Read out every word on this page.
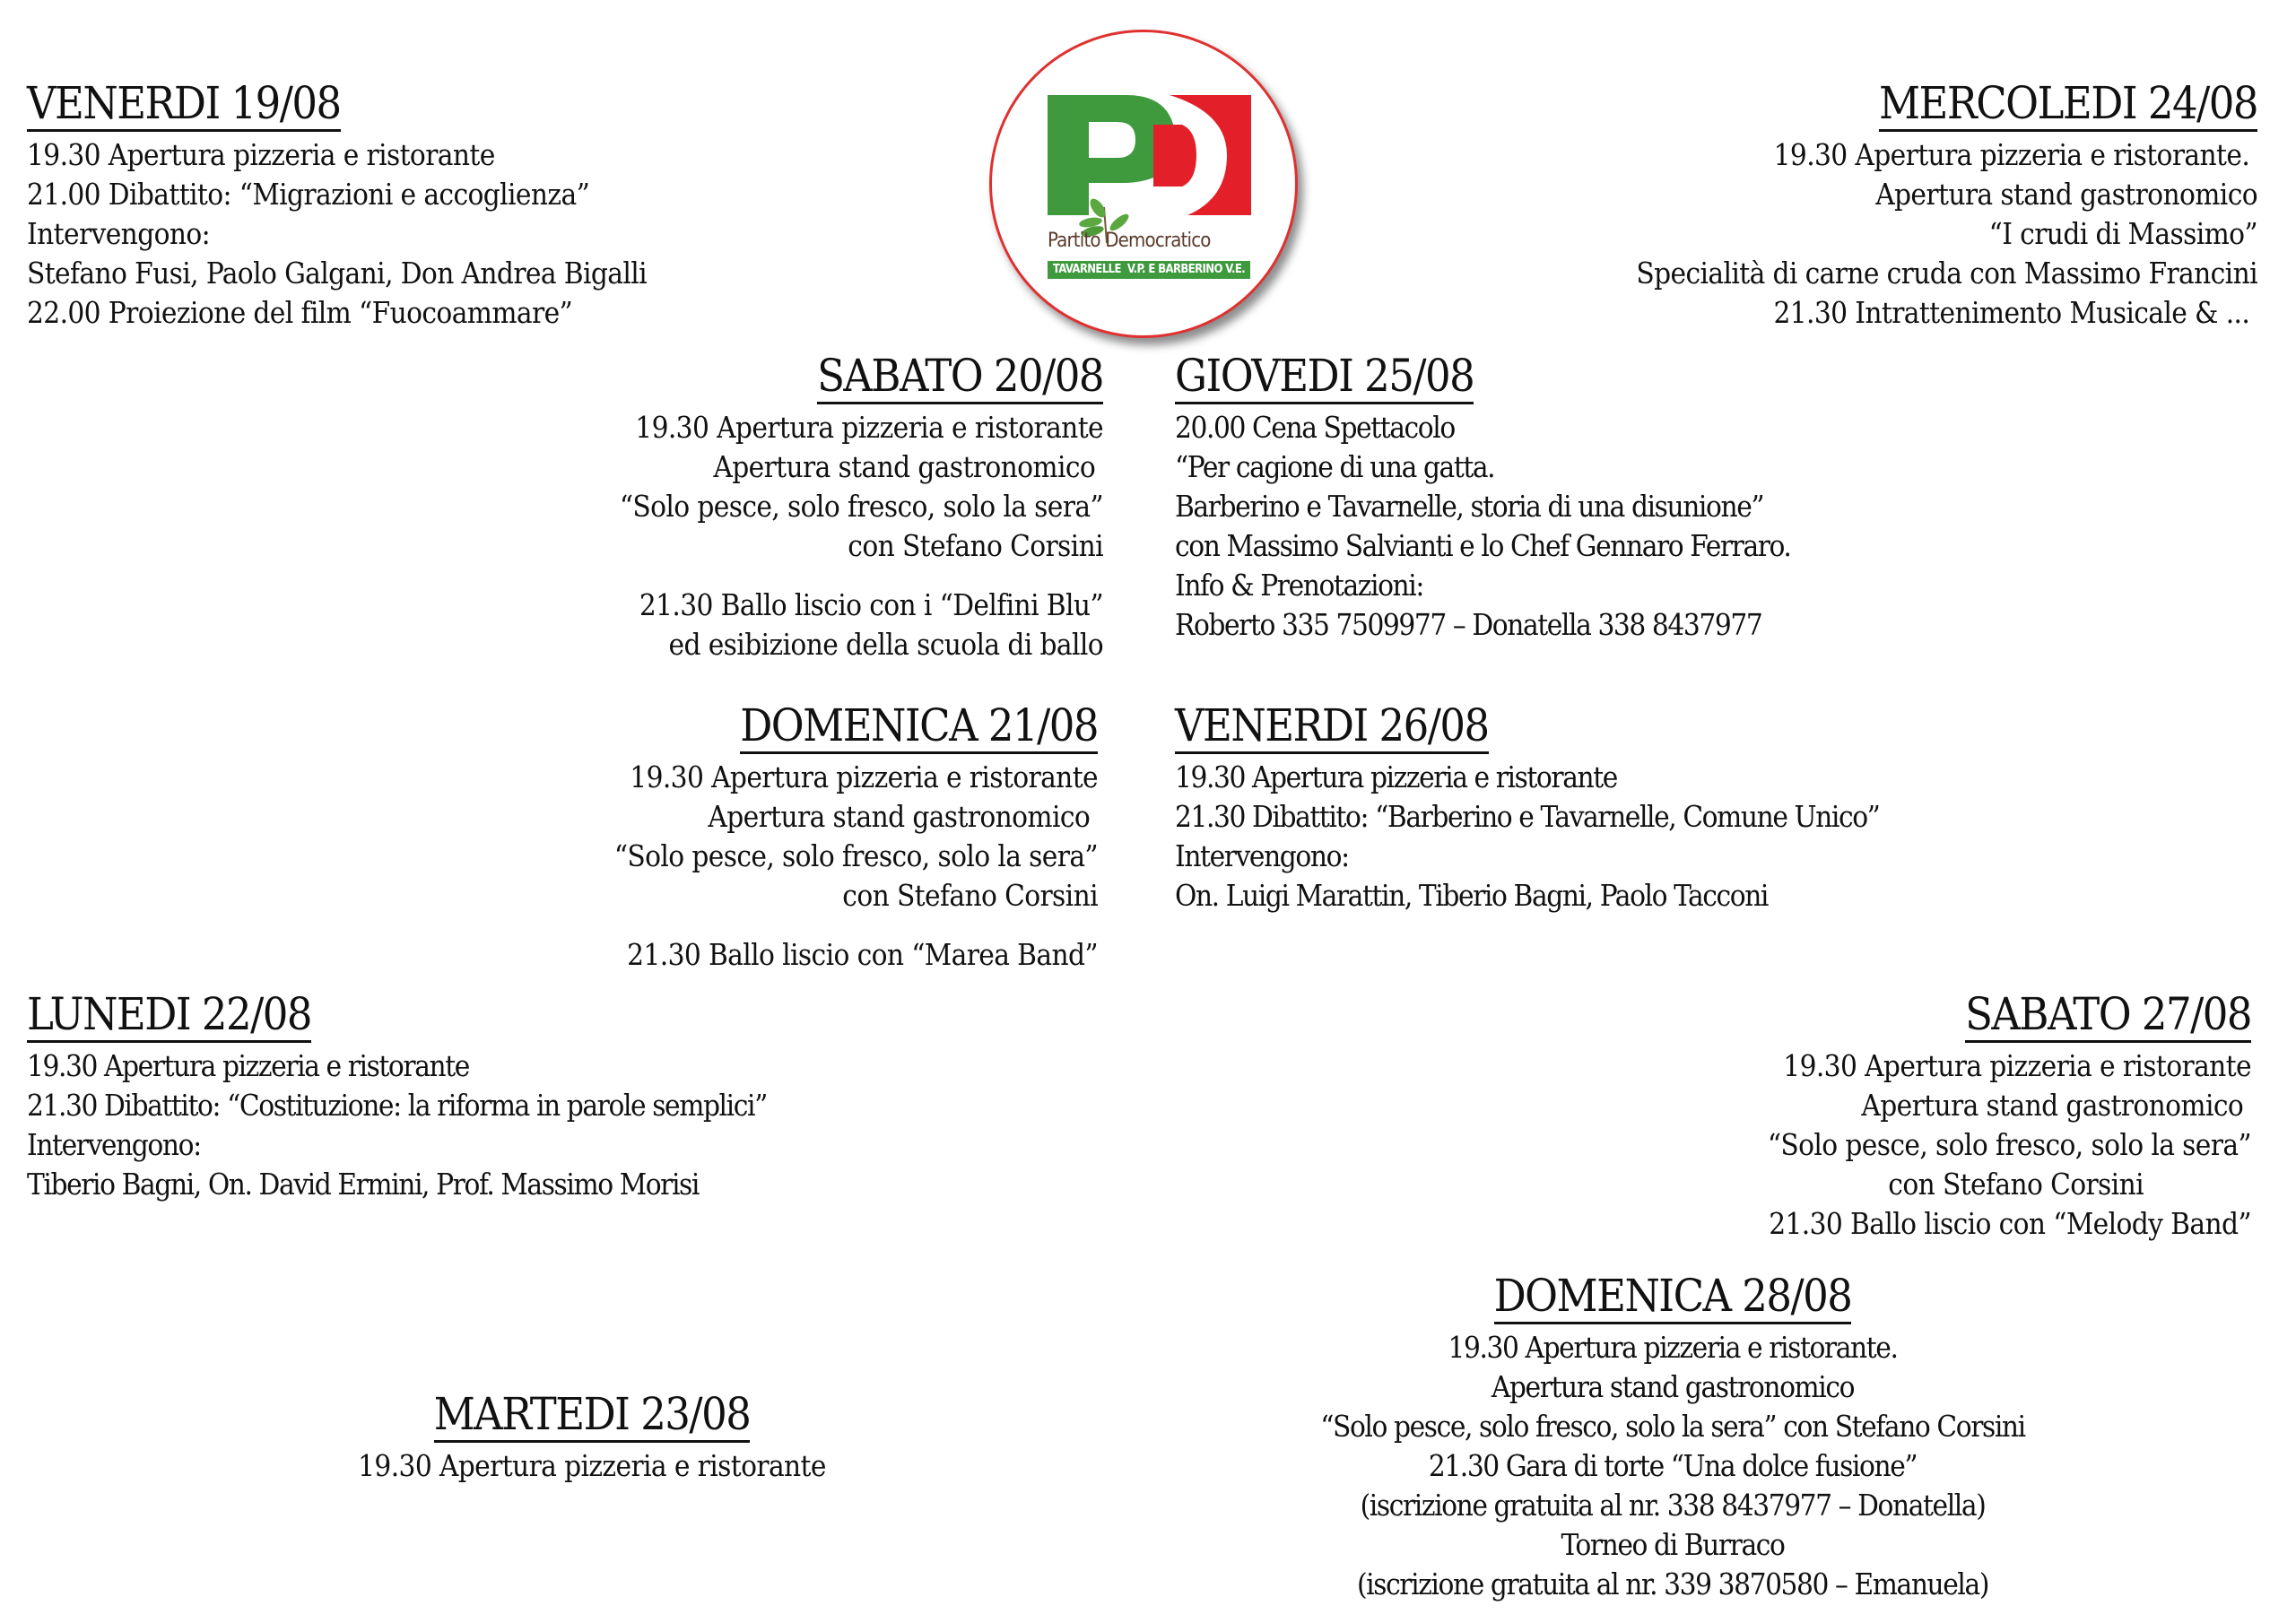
Partito Democratico
TAVARNELLE  V.P. E BARBERINO V.E.
VENERDI 19/08
19.30 Apertura pizzeria e ristorante
21.00 Dibattito: “Migrazioni e accoglienza”
Intervengono:
Stefano Fusi, Paolo Galgani, Don Andrea Bigalli
22.00 Proiezione del film “Fuocoammare”
MERCOLEDI 24/08
19.30 Apertura pizzeria e ristorante.
Apertura stand gastronomico
“I crudi di Massimo”
Specialità di carne cruda con Massimo Francini
21.30 Intrattenimento Musicale & ...
SABATO 20/08
19.30 Apertura pizzeria e ristorante
Apertura stand gastronomico
“Solo pesce, solo fresco, solo la sera”
con Stefano Corsini
21.30 Ballo liscio con i “Delfini Blu”
ed esibizione della scuola di ballo
GIOVEDI 25/08
20.00 Cena Spettacolo
“Per cagione di una gatta.
Barberino e Tavarnelle, storia di una disunione”
con Massimo Salvianti e lo Chef Gennaro Ferraro.
Info & Prenotazioni:
Roberto 335 7509977 – Donatella 338 8437977
DOMENICA 21/08
19.30 Apertura pizzeria e ristorante
Apertura stand gastronomico
“Solo pesce, solo fresco, solo la sera”
con Stefano Corsini
21.30 Ballo liscio con “Marea Band”
VENERDI 26/08
19.30 Apertura pizzeria e ristorante
21.30 Dibattito: “Barberino e Tavarnelle, Comune Unico”
Intervengono:
On. Luigi Marattin, Tiberio Bagni, Paolo Tacconi
LUNEDI 22/08
19.30 Apertura pizzeria e ristorante
21.30 Dibattito: “Costituzione: la riforma in parole semplici”
Intervengono:
Tiberio Bagni, On. David Ermini, Prof. Massimo Morisi
SABATO 27/08
19.30 Apertura pizzeria e ristorante
Apertura stand gastronomico
“Solo pesce, solo fresco, solo la sera”
con Stefano Corsini
21.30 Ballo liscio con “Melody Band”
DOMENICA 28/08
19.30 Apertura pizzeria e ristorante.
Apertura stand gastronomico
“Solo pesce, solo fresco, solo la sera” con Stefano Corsini
21.30 Gara di torte “Una dolce fusione”
(iscrizione gratuita al nr. 338 8437977 – Donatella)
Torneo di Burraco
(iscrizione gratuita al nr. 339 3870580 – Emanuela)
MARTEDI 23/08
19.30 Apertura pizzeria e ristorante
